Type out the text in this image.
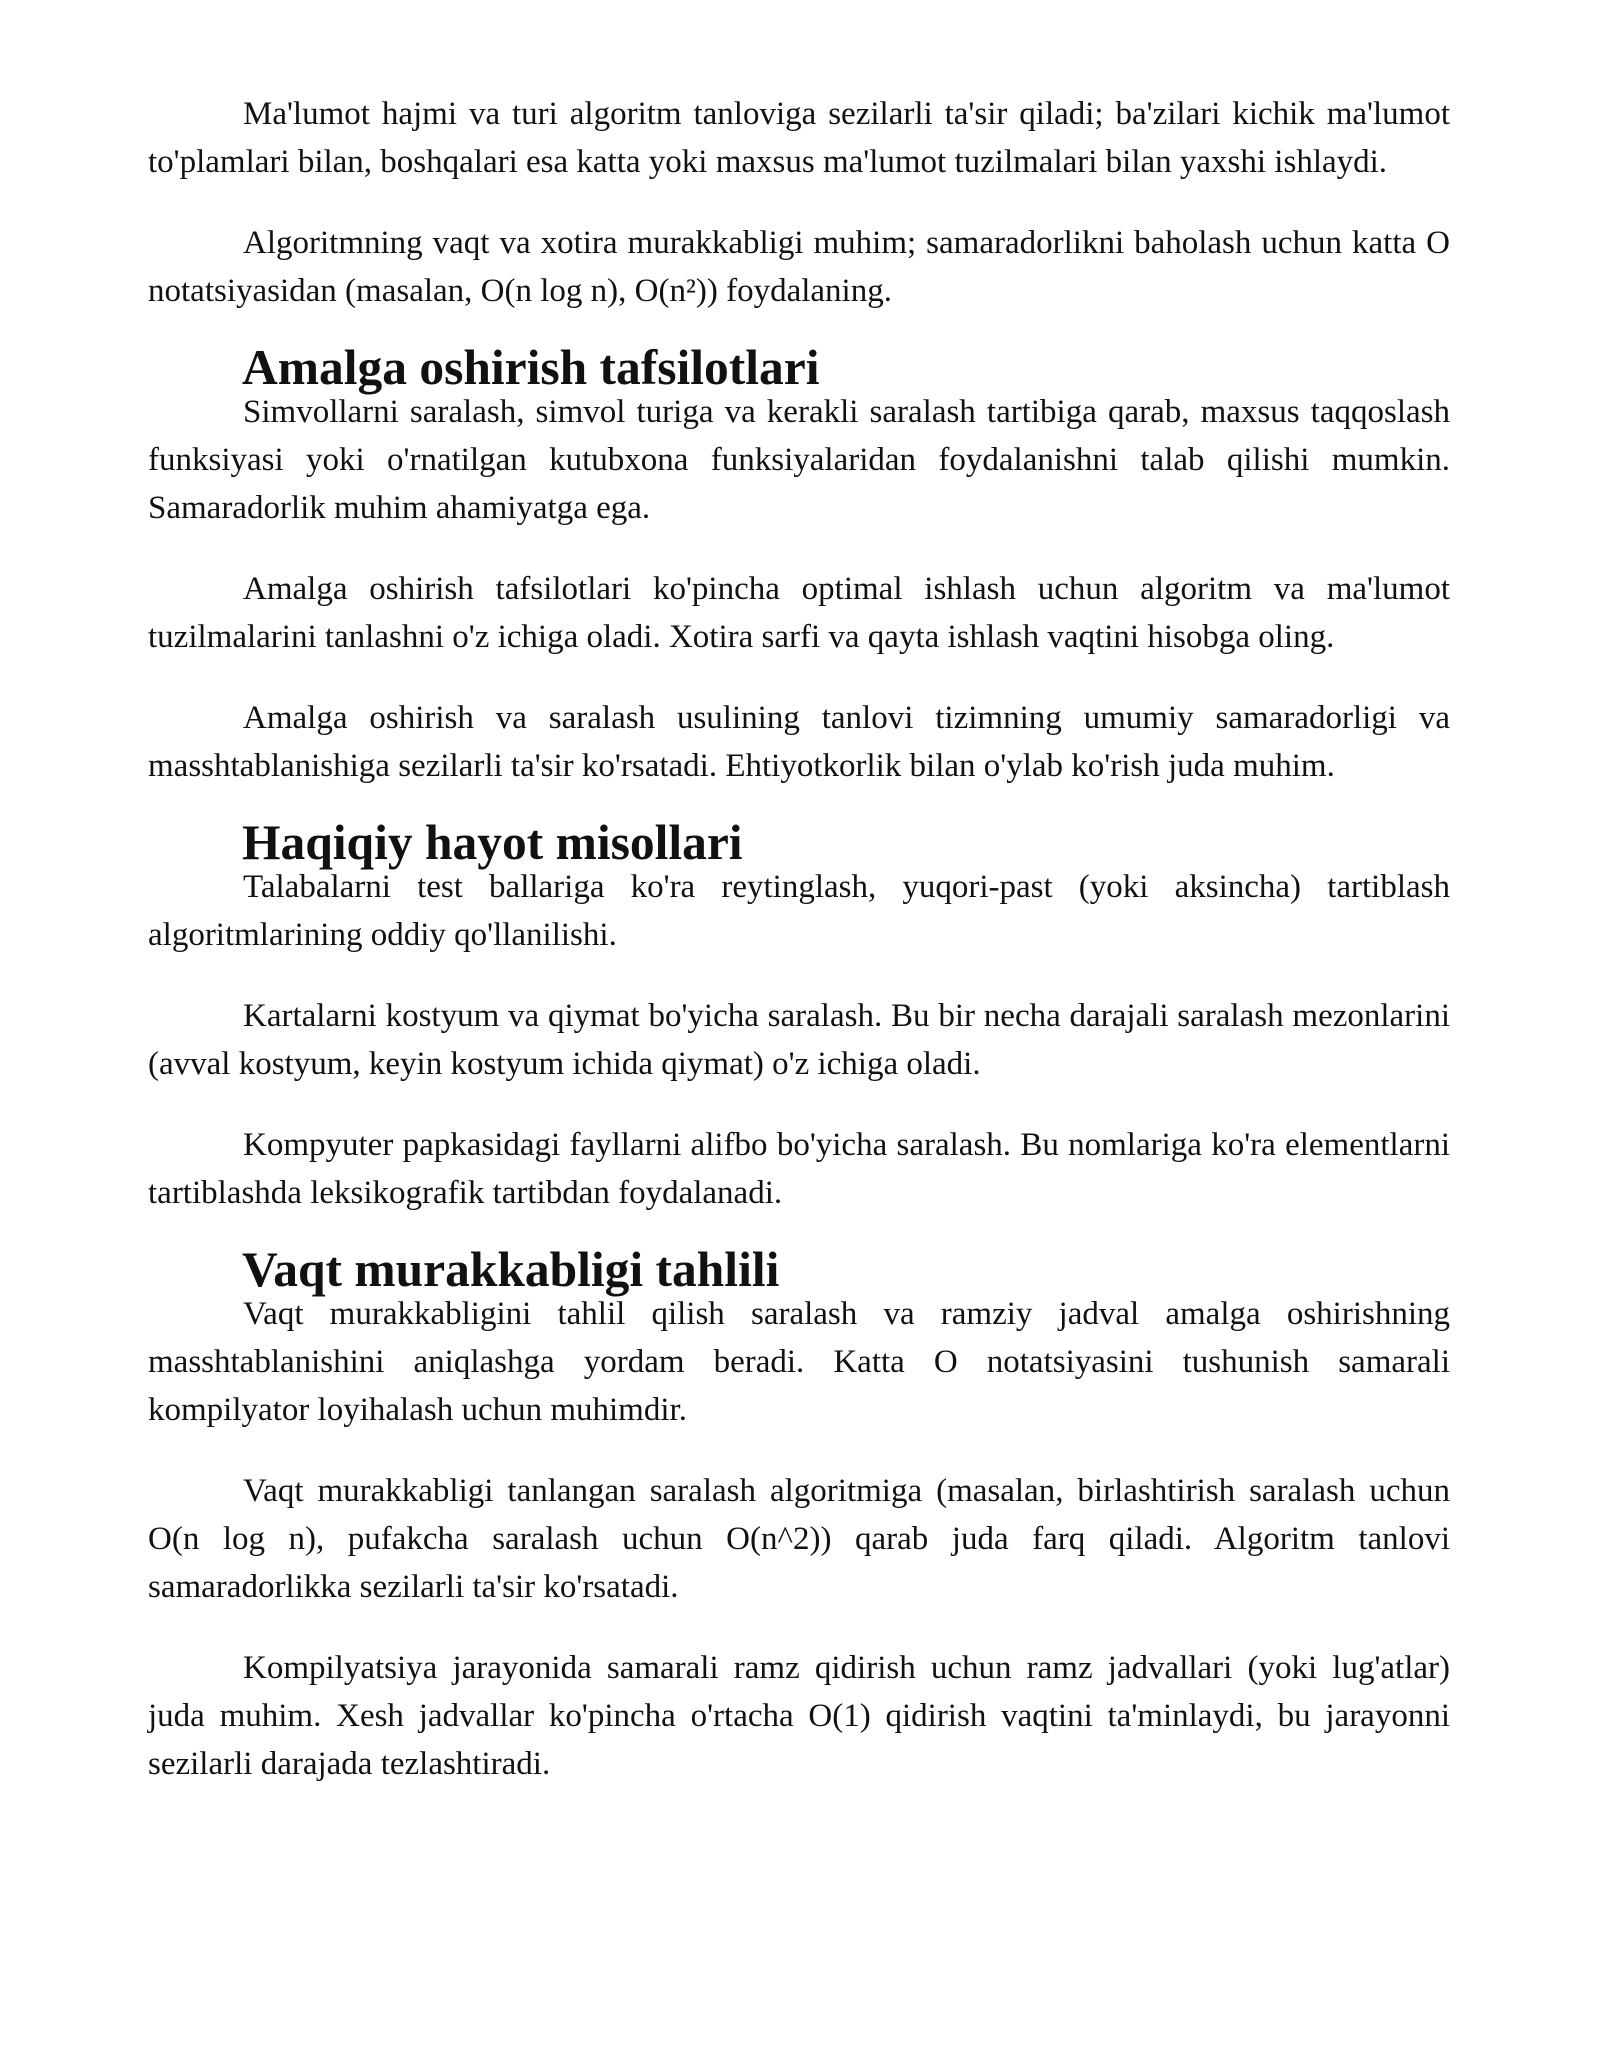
Ma'lumot hajmi va turi algoritm tanloviga sezilarli ta'sir qiladi; ba'zilari kichik ma'lumot to'plamlari bilan, boshqalari esa katta yoki maxsus ma'lumot tuzilmalari bilan yaxshi ishlaydi.

Algoritmning vaqt va xotira murakkabligi muhim; samaradorlikni baholash uchun katta O notatsiyasidan (masalan, O(n log n), O(n²)) foydalaning.

Amalga oshirish tafsilotlari

Simvollarni saralash, simvol turiga va kerakli saralash tartibiga qarab, maxsus taqqoslash funksiyasi yoki o'rnatilgan kutubxona funksiyalaridan foydalanishni talab qilishi mumkin. Samaradorlik muhim ahamiyatga ega.

Amalga oshirish tafsilotlari ko'pincha optimal ishlash uchun algoritm va ma'lumot tuzilmalarini tanlashni o'z ichiga oladi. Xotira sarfi va qayta ishlash vaqtini hisobga oling.

Amalga oshirish va saralash usulining tanlovi tizimning umumiy samaradorligi va masshtablanishiga sezilarli ta'sir ko'rsatadi. Ehtiyotkorlik bilan o'ylab ko'rish juda muhim.

Haqiqiy hayot misollari

Talabalarni test ballariga ko'ra reytinglash, yuqori-past (yoki aksincha) tartiblash algoritmlarining oddiy qo'llanilishi.

Kartalarni kostyum va qiymat bo'yicha saralash. Bu bir necha darajali saralash mezonlarini (avval kostyum, keyin kostyum ichida qiymat) o'z ichiga oladi.

Kompyuter papkasidagi fayllarni alifbo bo'yicha saralash. Bu nomlariga ko'ra elementlarni tartiblashda leksikografik tartibdan foydalanadi.

Vaqt murakkabligi tahlili

Vaqt murakkabligini tahlil qilish saralash va ramziy jadval amalga oshirishning masshtablanishini aniqlashga yordam beradi. Katta O notatsiyasini tushunish samarali kompilyator loyihalash uchun muhimdir.

Vaqt murakkabligi tanlangan saralash algoritmiga (masalan, birlashtirish saralash uchun O(n log n), pufakcha saralash uchun O(n^2)) qarab juda farq qiladi. Algoritm tanlovi samaradorlikka sezilarli ta'sir ko'rsatadi.

Kompilyatsiya jarayonida samarali ramz qidirish uchun ramz jadvallari (yoki lug'atlar) juda muhim. Xesh jadvallar ko'pincha o'rtacha O(1) qidirish vaqtini ta'minlaydi, bu jarayonni sezilarli darajada tezlashtiradi.
